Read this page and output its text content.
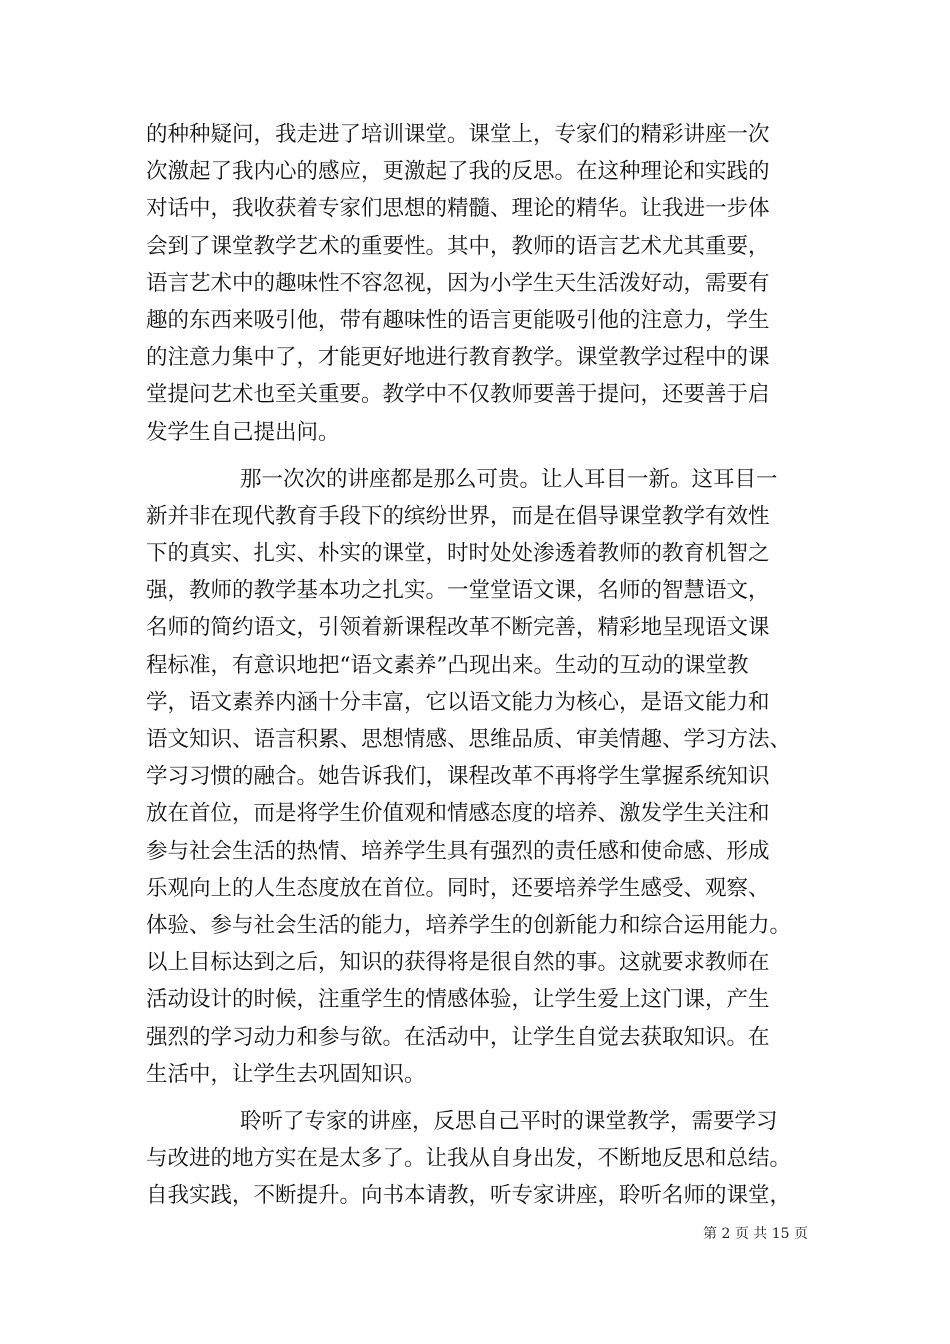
的种种疑问，我走进了培训课堂。课堂上，专家们的精彩讲座一次
次激起了我内心的感应，更激起了我的反思。在这种理论和实践的
对话中，我收获着专家们思想的精髓、理论的精华。让我进一步体
会到了课堂教学艺术的重要性。其中，教师的语言艺术尤其重要，
语言艺术中的趣味性不容忽视，因为小学生天生活泼好动，需要有
趣的东西来吸引他，带有趣味性的语言更能吸引他的注意力，学生
的注意力集中了，才能更好地进行教育教学。课堂教学过程中的课
堂提问艺术也至关重要。教学中不仅教师要善于提问，还要善于启
发学生自己提出问。
那一次次的讲座都是那么可贵。让人耳目一新。这耳目一
新并非在现代教育手段下的缤纷世界，而是在倡导课堂教学有效性
下的真实、扎实、朴实的课堂，时时处处渗透着教师的教育机智之
强，教师的教学基本功之扎实。一堂堂语文课，名师的智慧语文，
名师的简约语文，引领着新课程改革不断完善，精彩地呈现语文课
程标准，有意识地把“语文素养”凸现出来。生动的互动的课堂教
学，语文素养内涵十分丰富，它以语文能力为核心，是语文能力和
语文知识、语言积累、思想情感、思维品质、审美情趣、学习方法、
学习习惯的融合。她告诉我们，课程改革不再将学生掌握系统知识
放在首位，而是将学生价值观和情感态度的培养、激发学生关注和
参与社会生活的热情、培养学生具有强烈的责任感和使命感、形成
乐观向上的人生态度放在首位。同时，还要培养学生感受、观察、
体验、参与社会生活的能力，培养学生的创新能力和综合运用能力。
以上目标达到之后，知识的获得将是很自然的事。这就要求教师在
活动设计的时候，注重学生的情感体验，让学生爱上这门课，产生
强烈的学习动力和参与欲。在活动中，让学生自觉去获取知识。在
生活中，让学生去巩固知识。
聆听了专家的讲座，反思自己平时的课堂教学，需要学习
与改进的地方实在是太多了。让我从自身出发，不断地反思和总结。
自我实践，不断提升。向书本请教，听专家讲座，聆听名师的课堂，
第 2 页 共 15 页
